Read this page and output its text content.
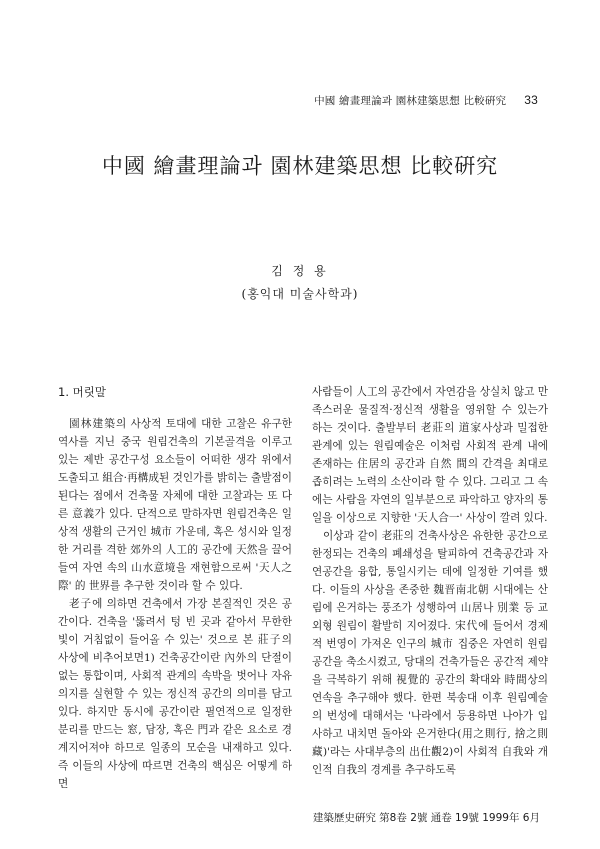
中國 繪畫理論과 園林建築思想 比較硏究 33
中國 繪畫理論과 園林建築思想 比較硏究
김 정 용
(홍익대 미술사학과)
1. 머릿말

園林建築의 사상적 토대에 대한 고찰은 유구한 역사를 지닌 중국 원림건축의 기본골격을 이루고 있는 제반 공간구성 요소들이 어떠한 생각 위에서 도출되고 組合·再構成된 것인가를 밝히는 출발점이 된다는 점에서 건축물 자체에 대한 고찰과는 또 다른 意義가 있다. 단적으로 말하자면 원림건축은 일상적 생활의 근거인 城市 가운데, 혹은 성시와 일정한 거리를 격한 郊外의 人工的 공간에 天然을 끌어들여 자연 속의 山水意境을 재현함으로써 '天人之際' 的 世界를 추구한 것이라 할 수 있다.

老子에 의하면 건축에서 가장 본질적인 것은 공간이다. 건축을 '뚫려서 텅 빈 곳과 같아서 무한한 빛이 거침없이 들어올 수 있는' 것으로 본 莊子의 사상에 비추어보면1) 건축공간이란 內外의 단절이 없는 통합이며, 사회적 관계의 속박을 벗어나 자유의지를 실현할 수 있는 정신적 공간의 의미를 담고 있다. 하지만 동시에 공간이란 필연적으로 일정한 분리를 만드는 窓, 담장, 혹은 門과 같은 요소로 경계지어져야 하므로 일종의 모순을 내재하고 있다. 즉 이들의 사상에 따르면 건축의 핵심은 어떻게 하면

사람들이 人工의 공간에서 자연감을 상실치 않고 만족스러운 물질적·정신적 생활을 영위할 수 있는가 하는 것이다. 출발부터 老莊의 道家사상과 밀접한 관계에 있는 원림예술은 이처럼 사회적 관계 내에 존재하는 住居의 공간과 自然 間의 간격을 최대로 좁히려는 노력의 소산이라 할 수 있다. 그리고 그 속에는 사람을 자연의 일부분으로 파악하고 양자의 통일을 이상으로 지향한 '天人合一' 사상이 깔려 있다.

이상과 같이 老莊의 건축사상은 유한한 공간으로 한정되는 건축의 폐쇄성을 탈피하여 건축공간과 자연공간을 융합, 통일시키는 데에 일정한 기여를 했다. 이들의 사상을 존중한 魏晋南北朝 시대에는 산림에 은거하는 풍조가 성행하여 山居나 別業 등 교외형 원림이 활발히 지어졌다. 宋代에 들어서 경제적 번영이 가져온 인구의 城市 집중은 자연히 원림공간을 축소시켰고, 당대의 건축가들은 공간적 제약을 극복하기 위해 視覺的 공간의 확대와 時間상의 연속을 추구해야 했다. 한편 북송대 이후 원림예술의 번성에 대해서는 '나라에서 등용하면 나아가 입사하고 내치면 돌아와 은거한다(用之則行, 捨之則藏)'라는 사대부층의 出仕觀2)이 사회적 自我와 개인적 自我의 경계를 추구하도록

建築歷史硏究 第8卷 2號 通卷 19號 1999年 6月
